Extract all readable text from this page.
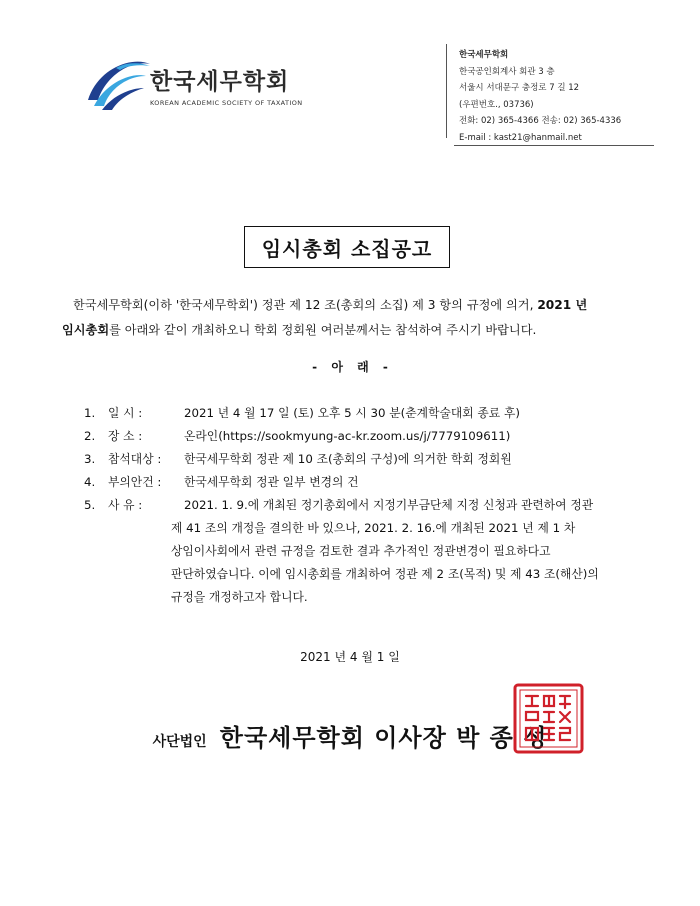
한국세무학회
KOREAN ACADEMIC SOCIETY OF TAXATION
한국세무학회
한국공인회계사 회관 3 층
서울시 서대문구 충정로 7 길 12
(우편번호., 03736)
전화: 02) 365-4366 전송: 02) 365-4336
E-mail : kast21@hanmail.net
임시총회 소집공고
한국세무학회(이하 '한국세무학회') 정관 제 12 조(총회의 소집) 제 3 항의 규정에 의거, 2021 년
임시총회를 아래와 같이 개최하오니 학회 정회원 여러분께서는 참석하여 주시기 바랍니다.
- 아 래 -
1.	일 시 :	2021 년 4 월 17 일 (토) 오후 5 시 30 분(춘계학술대회 종료 후)
2.	장 소 :	온라인(https://sookmyung-ac-kr.zoom.us/j/7779109611)
3.	참석대상 :	한국세무학회 정관 제 10 조(총회의 구성)에 의거한 학회 정회원
4.	부의안건 :	한국세무학회 정관 일부 변경의 건
5.	사 유 :	2021. 1. 9.에 개최된 정기총회에서 지정기부금단체 지정 신청과 관련하여 정관
제 41 조의 개정을 결의한 바 있으나, 2021. 2. 16.에 개최된 2021 년 제 1 차
상임이사회에서 관련 규정을 검토한 결과 추가적인 정관변경이 필요하다고
판단하였습니다. 이에 임시총회를 개최하여 정관 제 2 조(목적) 및 제 43 조(해산)의
규정을 개정하고자 합니다.
2021 년 4 월 1 일
사단법인 한국세무학회 이사장 박 종 성
